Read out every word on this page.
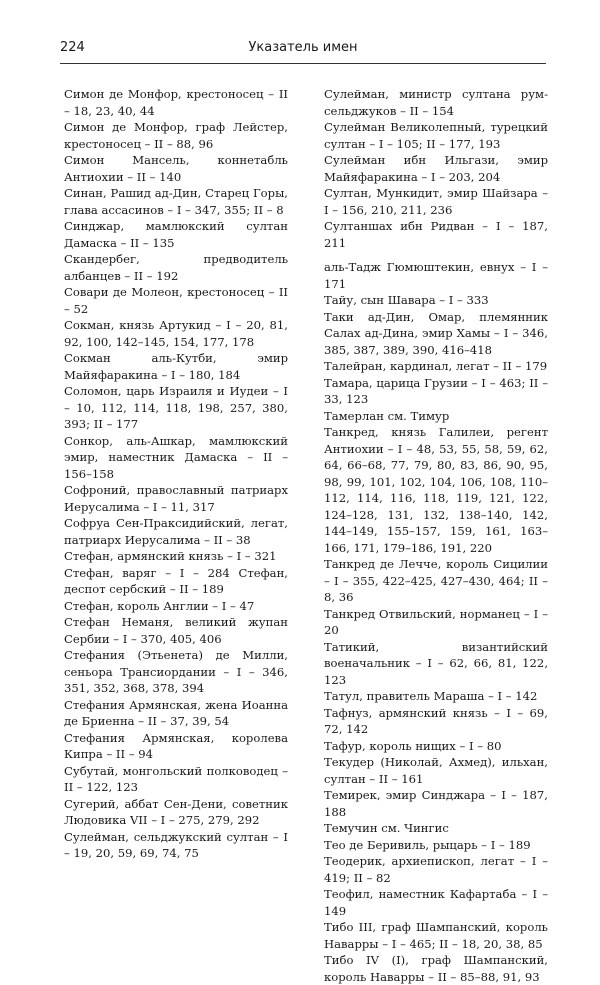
224	Указатель имен
Симон де Монфор, крестоносец – II – 18, 23, 40, 44
Симон де Монфор, граф Лейстер, крестоносец – II – 88, 96
Симон Мансель, коннетабль Антиохии – II – 140
Синан, Рашид ад-Дин, Старец Горы, глава ассасинов – I – 347, 355; II – 8
Синджар, мамлюкский султан Дамаска – II – 135
Скандербег, предводитель албанцев – II – 192
Совари де Молеон, крестоносец – II – 52
Сокман, князь Артукид – I – 20, 81, 92, 100, 142–145, 154, 177, 178
Сокман аль-Кутби, эмир Майяфаракина – I – 180, 184
Соломон, царь Израиля и Иудеи – I – 10, 112, 114, 118, 198, 257, 380, 393; II – 177
Сонкор, аль-Ашкар, мамлюкский эмир, наместник Дамаска – II – 156–158
Софроний, православный патриарх Иерусалима – I – 11, 317
Софруа Сен-Праксидийский, легат, патриарх Иерусалима – II – 38
Стефан, армянский князь – I – 321
Стефан, варяг – I – 284 Стефан, деспот сербский – II – 189
Стефан, король Англии – I – 47
Стефан Неманя, великий жупан Сербии – I – 370, 405, 406
Стефания (Этьенета) де Милли, сеньора Трансиордании – I – 346, 351, 352, 368, 378, 394
Стефания Армянская, жена Иоанна де Бриенна – II – 37, 39, 54
Стефания Армянская, королева Кипра – II – 94
Субутай, монгольский полководец – II – 122, 123
Сугерий, аббат Сен-Дени, советник Людовика VII – I – 275, 279, 292
Сулейман, сельджукский султан – I – 19, 20, 59, 69, 74, 75
Сулейман, министр султана рум-сельджуков – II – 154
Сулейман Великолепный, турецкий султан – I – 105; II – 177, 193
Сулейман ибн Ильгази, эмир Майяфаракина – I – 203, 204
Султан, Мункидит, эмир Шайзара – I – 156, 210, 211, 236
Султаншах ибн Ридван – I – 187, 211
аль-Тадж Гюмюштекин, евнух – I – 171
Тайу, сын Шавара – I – 333
Таки ад-Дин, Омар, племянник Салах ад-Дина, эмир Хамы – I – 346, 385, 387, 389, 390, 416–418
Талейран, кардинал, легат – II – 179
Тамара, царица Грузии – I – 463; II – 33, 123
Тамерлан см. Тимур
Танкред, князь Галилеи, регент Антиохии – I – 48, 53, 55, 58, 59, 62, 64, 66–68, 77, 79, 80, 83, 86, 90, 95, 98, 99, 101, 102, 104, 106, 108, 110–112, 114, 116, 118, 119, 121, 122, 124–128, 131, 132, 138–140, 142, 144–149, 155–157, 159, 161, 163–166, 171, 179–186, 191, 220
Танкред де Лечче, король Сицилии – I – 355, 422–425, 427–430, 464; II – 8, 36
Танкред Отвильский, норманец – I – 20
Татикий, византийский военачальник – I – 62, 66, 81, 122, 123
Татул, правитель Мараша – I – 142
Тафнуз, армянский князь – I – 69, 72, 142
Тафур, король нищих – I – 80
Текудер (Николай, Ахмед), ильхан, султан – II – 161
Темирек, эмир Синджара – I – 187, 188
Темучин см. Чингис
Тео де Беривиль, рыцарь – I – 189
Теодерик, архиепископ, легат – I – 419; II – 82
Теофил, наместник Кафартаба – I – 149
Тибо III, граф Шампанский, король Наварры – I – 465; II – 18, 20, 38, 85
Тибо IV (I), граф Шампанский, король Наварры – II – 85–88, 91, 93
